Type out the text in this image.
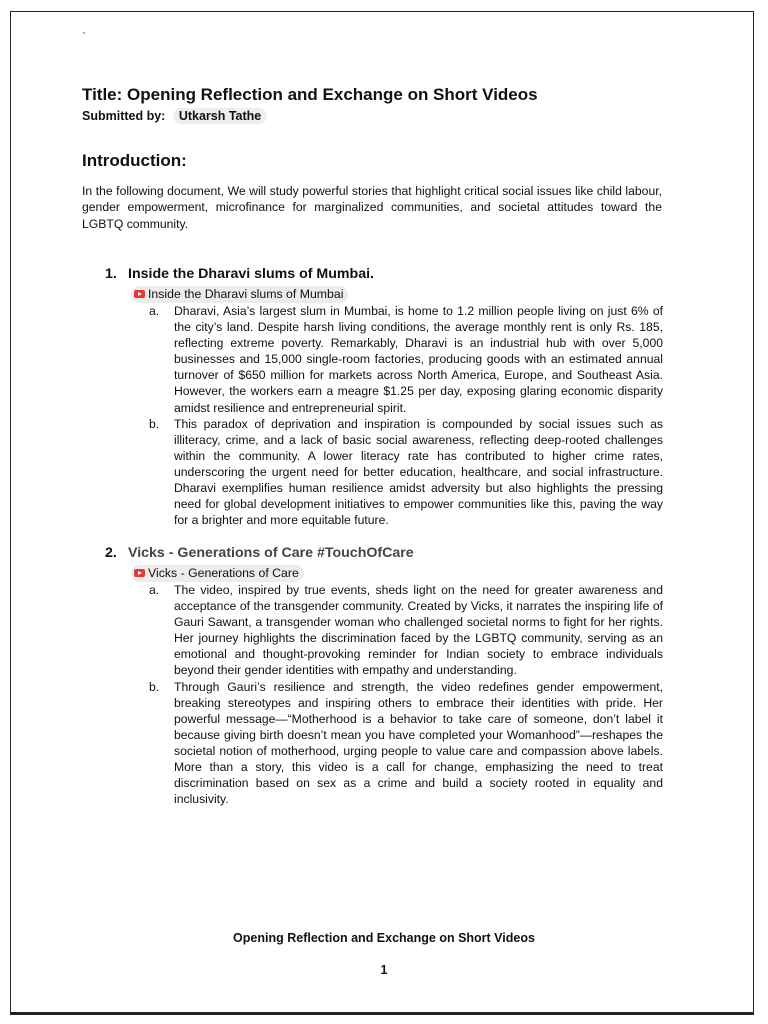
`
Title: Opening Reflection and Exchange on Short Videos
Submitted by: Utkarsh Tathe
Introduction:
In the following document, We will study powerful stories that highlight critical social issues like child labour, gender empowerment, microfinance for marginalized communities, and societal attitudes toward the LGBTQ community.
1. Inside the Dharavi slums of Mumbai.
Inside the Dharavi slums of Mumbai
a. Dharavi, Asia’s largest slum in Mumbai, is home to 1.2 million people living on just 6% of the city’s land. Despite harsh living conditions, the average monthly rent is only Rs. 185, reflecting extreme poverty. Remarkably, Dharavi is an industrial hub with over 5,000 businesses and 15,000 single-room factories, producing goods with an estimated annual turnover of $650 million for markets across North America, Europe, and Southeast Asia. However, the workers earn a meagre $1.25 per day, exposing glaring economic disparity amidst resilience and entrepreneurial spirit.
b. This paradox of deprivation and inspiration is compounded by social issues such as illiteracy, crime, and a lack of basic social awareness, reflecting deep-rooted challenges within the community. A lower literacy rate has contributed to higher crime rates, underscoring the urgent need for better education, healthcare, and social infrastructure. Dharavi exemplifies human resilience amidst adversity but also highlights the pressing need for global development initiatives to empower communities like this, paving the way for a brighter and more equitable future.
2. Vicks - Generations of Care #TouchOfCare
Vicks - Generations of Care
a. The video, inspired by true events, sheds light on the need for greater awareness and acceptance of the transgender community. Created by Vicks, it narrates the inspiring life of Gauri Sawant, a transgender woman who challenged societal norms to fight for her rights. Her journey highlights the discrimination faced by the LGBTQ community, serving as an emotional and thought-provoking reminder for Indian society to embrace individuals beyond their gender identities with empathy and understanding.
b. Through Gauri’s resilience and strength, the video redefines gender empowerment, breaking stereotypes and inspiring others to embrace their identities with pride. Her powerful message—“Motherhood is a behavior to take care of someone, don’t label it because giving birth doesn’t mean you have completed your Womanhood”—reshapes the societal notion of motherhood, urging people to value care and compassion above labels. More than a story, this video is a call for change, emphasizing the need to treat discrimination based on sex as a crime and build a society rooted in equality and inclusivity.
Opening Reflection and Exchange on Short Videos
1
